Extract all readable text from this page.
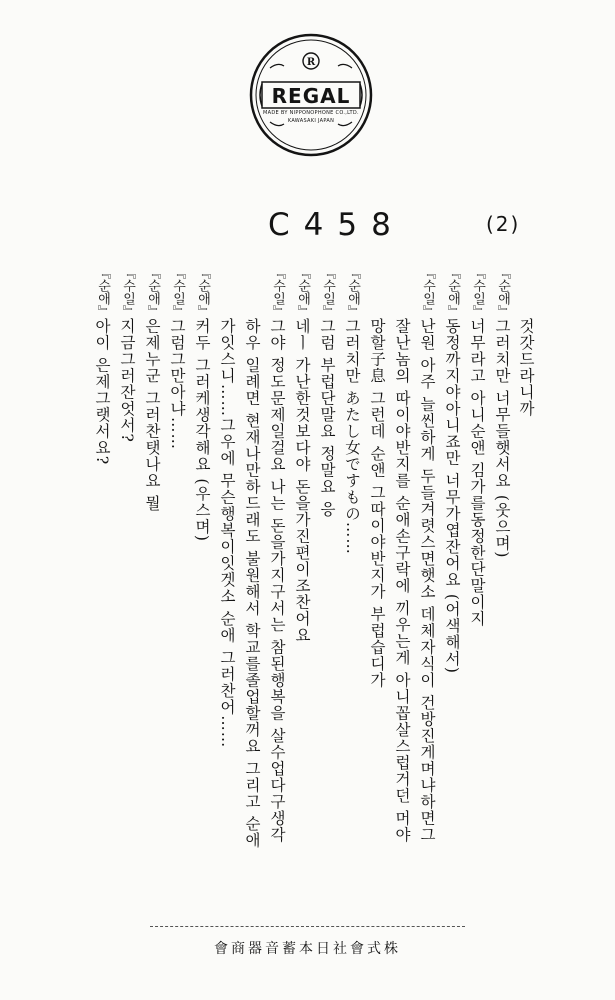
R
REGAL
MADE BY NIPPONOPHONE CO.,LTD.
KAWASAKI JAPAN
C458	(2)
것갓드라니까
『순애』그러치만 너무들햇서요 (웃으며)
『수일』너무라고 아니순앤 김가를동정한단말이지
『순애』동정까지야아니죠만 너무가엽잔어요 (어색해서)
『수일』난원 아주 늘씬하게 두들겨렷스면햇소 데체자식이 건방진게며냐하면그
잘난놈의 따이야반지를 순애손구락에 끼우는게 아니꼽살스럽거던 머야
망할子息 그런데 순앤 그따이야반지가 부럽습디가
『순애』그러치만 あたし女ですもの……
『수일』그럼 부럽단말요 정말요 응
『순애』네ㅣ 가난한것보다야 돈을가진편이조찬어요
『수일』그야 정도문제일걸요 나는 돈을가지구서는 참된행복을 살수업다구생각
하우 일례면 현재나만하드래도 불원해서 학교를졸업할꺼요 그리고 순애
가잇스니……그우에 무슨행복이잇겟소 순애 그러찬어……
『순애』커두 그러케생각해요 (우스며)
『수일』그럼그만아냐……
『순애』은제누군 그러찬탯나요 뭘
『수일』지금그러잔엇서?
『순애』아이 은제그랫서요?
會商器音蓄本日社會式株
